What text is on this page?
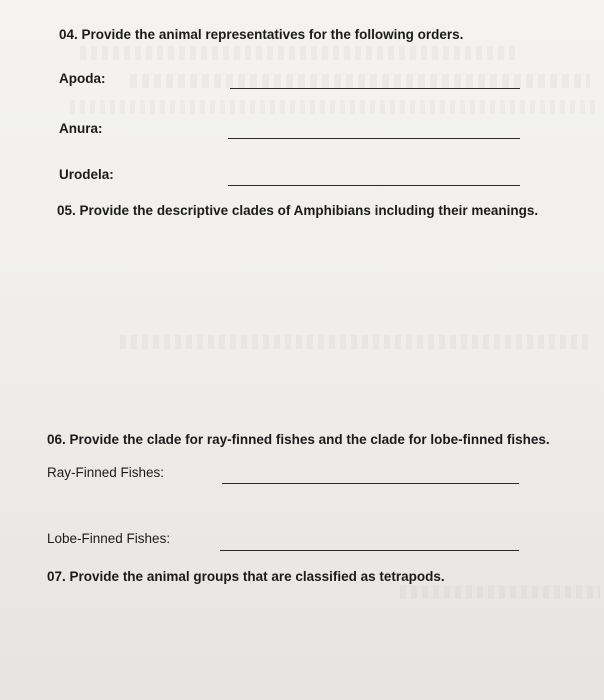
04. Provide the animal representatives for the following orders.
Apoda:
Anura:
Urodela:
05. Provide the descriptive clades of Amphibians including their meanings.
06. Provide the clade for ray-finned fishes and the clade for lobe-finned fishes.
Ray-Finned Fishes:
Lobe-Finned Fishes:
07. Provide the animal groups that are classified as tetrapods.
